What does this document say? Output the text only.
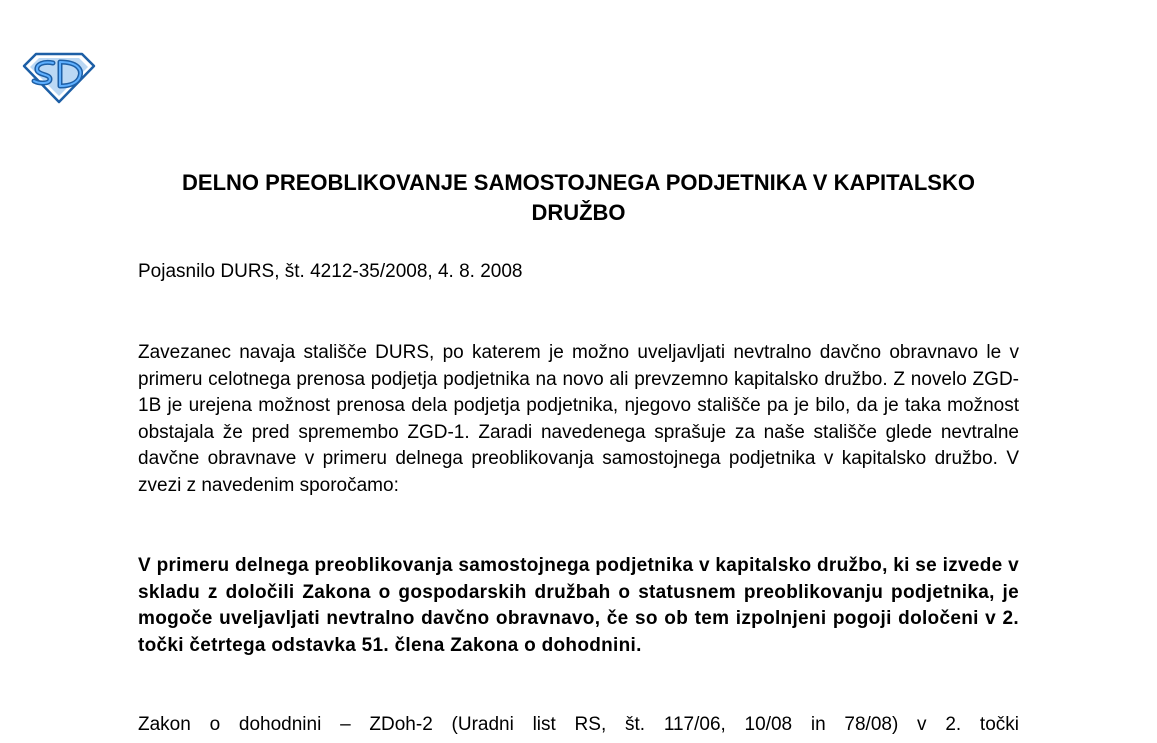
DELNO PREOBLIKOVANJE SAMOSTOJNEGA PODJETNIKA V KAPITALSKO DRUŽBO

Pojasnilo DURS, št. 4212-35/2008, 4. 8. 2008

Zavezanec navaja stališče DURS, po katerem je možno uveljavljati nevtralno davčno obravnavo le v primeru celotnega prenosa podjetja podjetnika na novo ali prevzemno kapitalsko družbo. Z novelo ZGD-1B je urejena možnost prenosa dela podjetja podjetnika, njegovo stališče pa je bilo, da je taka možnost obstajala že pred spremembo ZGD-1. Zaradi navedenega sprašuje za naše stališče glede nevtralne davčne obravnave v primeru delnega preoblikovanja samostojnega podjetnika v kapitalsko družbo. V zvezi z navedenim sporočamo:

V primeru delnega preoblikovanja samostojnega podjetnika v kapitalsko družbo, ki se izvede v skladu z določili Zakona o gospodarskih družbah o statusnem preoblikovanju podjetnika, je mogoče uveljavljati nevtralno davčno obravnavo, če so ob tem izpolnjeni pogoji določeni v 2. točki četrtega odstavka 51. člena Zakona o dohodnini.

Zakon o dohodnini – ZDoh-2 (Uradni list RS, št. 117/06, 10/08 in 78/08) v 2. točki
